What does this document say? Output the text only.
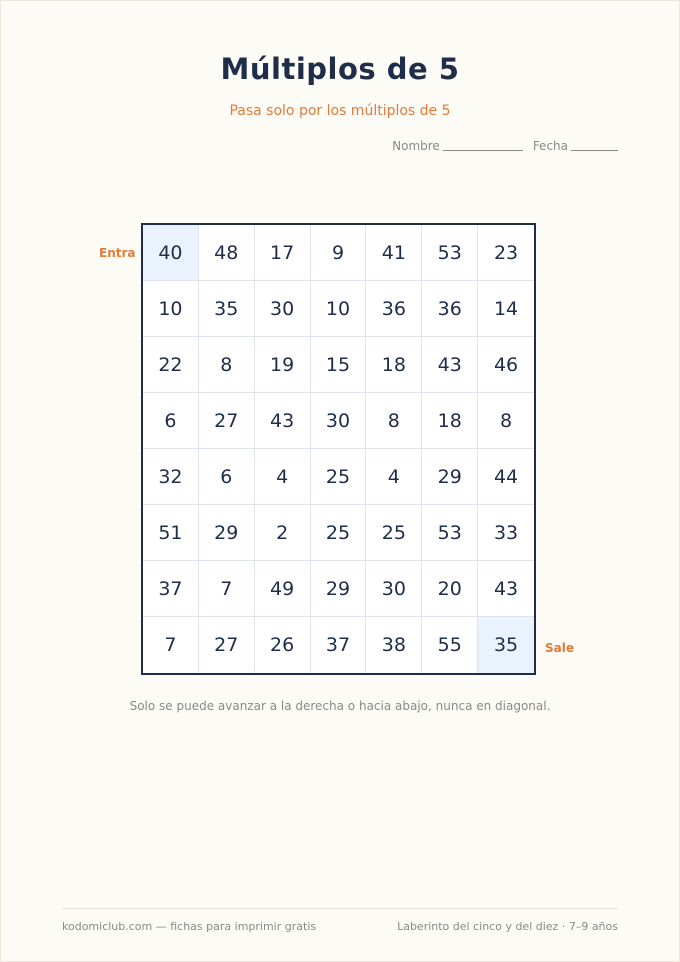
Múltiplos de 5
Pasa solo por los múltiplos de 5
Nombre	Fecha
Entra	40	48	17	9	41	53	23
10	35	30	10	36	36	14
22	8	19	15	18	43	46
6	27	43	30	8	18	8
32	6	4	25	4	29	44
51	29	2	25	25	53	33
37	7	49	29	30	20	43
7	27	26	37	38	55	35	Sale
Solo se puede avanzar a la derecha o hacia abajo, nunca en diagonal.
kodomiclub.com — fichas para imprimir gratis	Laberinto del cinco y del diez · 7–9 años
